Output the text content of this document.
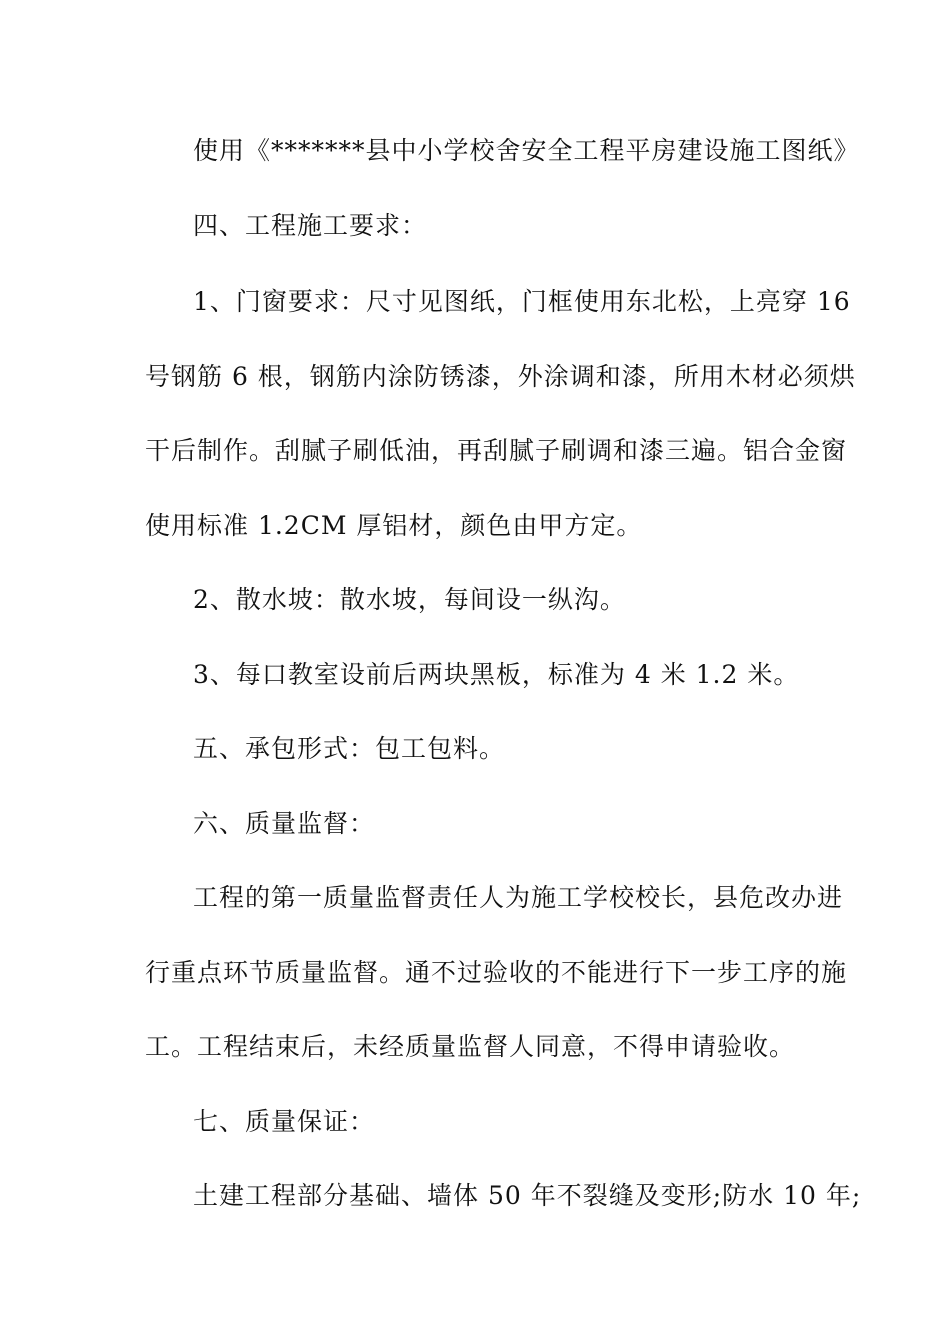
使用《*******县中小学校舍安全工程平房建设施工图纸》
四、工程施工要求：
1、门窗要求：尺寸见图纸，门框使用东北松，上亮穿 16
号钢筋 6 根，钢筋内涂防锈漆，外涂调和漆，所用木材必须烘
干后制作。刮腻子刷低油，再刮腻子刷调和漆三遍。铝合金窗
使用标准 1.2CM 厚铝材，颜色由甲方定。
2、散水坡：散水坡，每间设一纵沟。
3、每口教室设前后两块黑板，标准为 4 米 1.2 米。
五、承包形式：包工包料。
六、质量监督：
工程的第一质量监督责任人为施工学校校长，县危改办进
行重点环节质量监督。通不过验收的不能进行下一步工序的施
工。工程结束后，未经质量监督人同意，不得申请验收。
七、质量保证：
土建工程部分基础、墙体 50 年不裂缝及变形;防水 10 年;
